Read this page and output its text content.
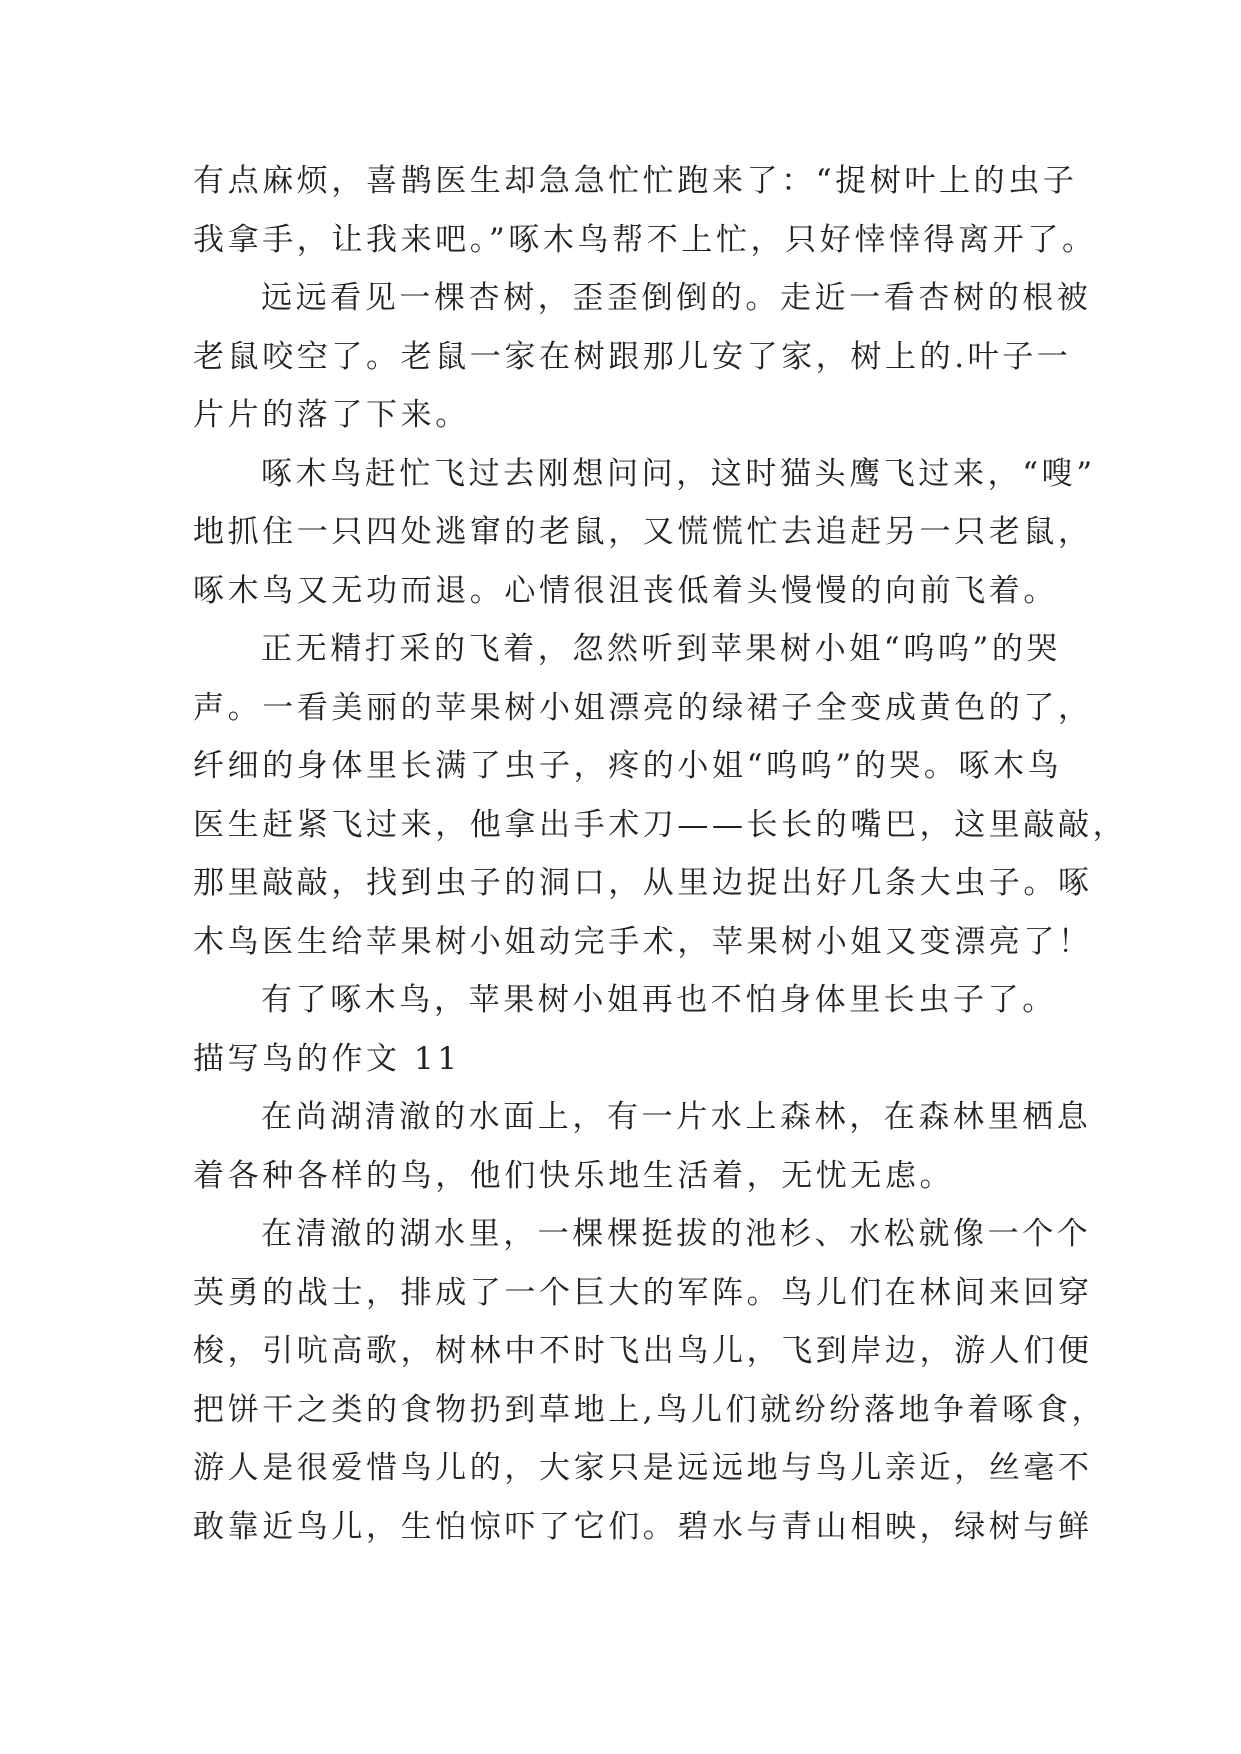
有点麻烦，喜鹊医生却急急忙忙跑来了：“捉树叶上的虫子
我拿手，让我来吧。”啄木鸟帮不上忙，只好悻悻得离开了。
远远看见一棵杏树，歪歪倒倒的。走近一看杏树的根被
老鼠咬空了。老鼠一家在树跟那儿安了家，树上的.叶子一
片片的落了下来。
啄木鸟赶忙飞过去刚想问问，这时猫头鹰飞过来，“嗖”
地抓住一只四处逃窜的老鼠，又慌慌忙去追赶另一只老鼠，
啄木鸟又无功而退。心情很沮丧低着头慢慢的向前飞着。
正无精打采的飞着，忽然听到苹果树小姐“呜呜”的哭
声。一看美丽的苹果树小姐漂亮的绿裙子全变成黄色的了，
纤细的身体里长满了虫子，疼的小姐“呜呜”的哭。啄木鸟
医生赶紧飞过来，他拿出手术刀——长长的嘴巴，这里敲敲，
那里敲敲，找到虫子的洞口，从里边捉出好几条大虫子。啄
木鸟医生给苹果树小姐动完手术，苹果树小姐又变漂亮了！
有了啄木鸟，苹果树小姐再也不怕身体里长虫子了。
描写鸟的作文 11
在尚湖清澈的水面上，有一片水上森林，在森林里栖息
着各种各样的鸟，他们快乐地生活着，无忧无虑。
在清澈的湖水里，一棵棵挺拔的池杉、水松就像一个个
英勇的战士，排成了一个巨大的军阵。鸟儿们在林间来回穿
梭，引吭高歌，树林中不时飞出鸟儿，飞到岸边，游人们便
把饼干之类的食物扔到草地上,鸟儿们就纷纷落地争着啄食，
游人是很爱惜鸟儿的，大家只是远远地与鸟儿亲近，丝毫不
敢靠近鸟儿，生怕惊吓了它们。碧水与青山相映，绿树与鲜
